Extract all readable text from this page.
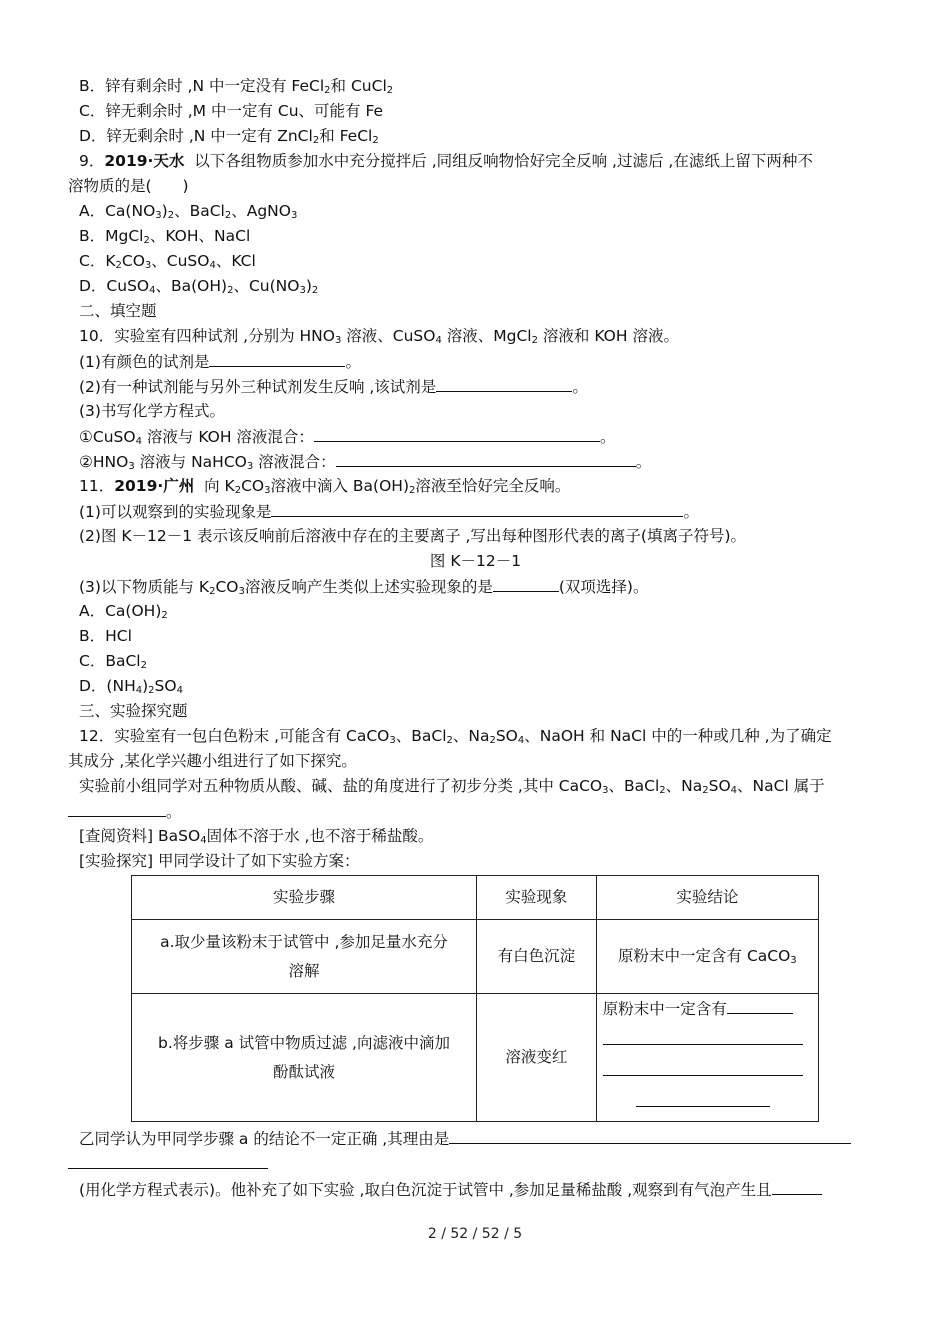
B．锌有剩余时 ,N 中一定没有 FeCl$_2$和 CuCl$_2$
C．锌无剩余时 ,M 中一定有 Cu、可能有 Fe
D．锌无剩余时 ,N 中一定有 ZnCl$_2$和 FeCl$_2$
9．2019·天水 以下各组物质参加水中充分搅拌后 ,同组反响物恰好完全反响 ,过滤后 ,在滤纸上留下两种不
溶物质的是(　　)
A．$Ca(NO_3)_2$、BaCl$_2$、AgNO$_3$
B．MgCl$_2$、KOH、NaCl
C．$K_2CO_3$、CuSO$_4$、KCl
D．CuSO$_4$、$Ba(OH)_2$、$Cu(NO_3)_2$
二、填空题
10．实验室有四种试剂 ,分别为 $HNO_3$ 溶液、CuSO$_4$ 溶液、MgCl$_2$ 溶液和 KOH 溶液。
(1)有颜色的试剂是	。
(2)有一种试剂能与另外三种试剂发生反响 ,该试剂是	。
(3)书写化学方程式。
①CuSO$_4$ 溶液与 KOH 溶液混合：	。
$②HNO_3$ 溶液与 NaHCO$_3$ 溶液混合：	。
11．2019·广州 向 $K_2CO_3$溶液中滴入 $Ba(OH)_2$溶液至恰好完全反响。
(1)可以观察到的实验现象是	。
(2)图 K－12－1 表示该反响前后溶液中存在的主要离子 ,写出每种图形代表的离子(填离子符号)。
图 K－12－1
(3)以下物质能与 $K_2CO_3$溶液反响产生类似上述实验现象的是	(双项选择)。
A．$Ca(OH)_2$
B．HCl
C．BaCl$_2$
D．$(NH_4)_2SO_4$
三、实验探究题
12．实验室有一包白色粉末 ,可能含有 CaCO$_3$、BaCl$_2$、$Na_2SO_4$、NaOH 和 NaCl 中的一种或几种 ,为了确定
其成分 ,某化学兴趣小组进行了如下探究。
实验前小组同学对五种物质从酸、碱、盐的角度进行了初步分类 ,其中 CaCO$_3$、BaCl$_2$、$Na_2SO_4$、NaCl 属于
。
[查阅资料] BaSO$_4$固体不溶于水 ,也不溶于稀盐酸。
[实验探究] 甲同学设计了如下实验方案：
实验步骤	实验现象	实验结论
a.取少量该粉末于试管中 ,参加足量水充分
溶解	有白色沉淀	原粉末中一定含有 CaCO$_3$
b.将步骤 a 试管中物质过滤 ,向滤液中滴加
酚酞试液	溶液变红	原粉末中一定含有
乙同学认为甲同学步骤 a 的结论不一定正确 ,其理由是
(用化学方程式表示)。他补充了如下实验 ,取白色沉淀于试管中 ,参加足量稀盐酸 ,观察到有气泡产生且
2 / 52 / 52 / 5
